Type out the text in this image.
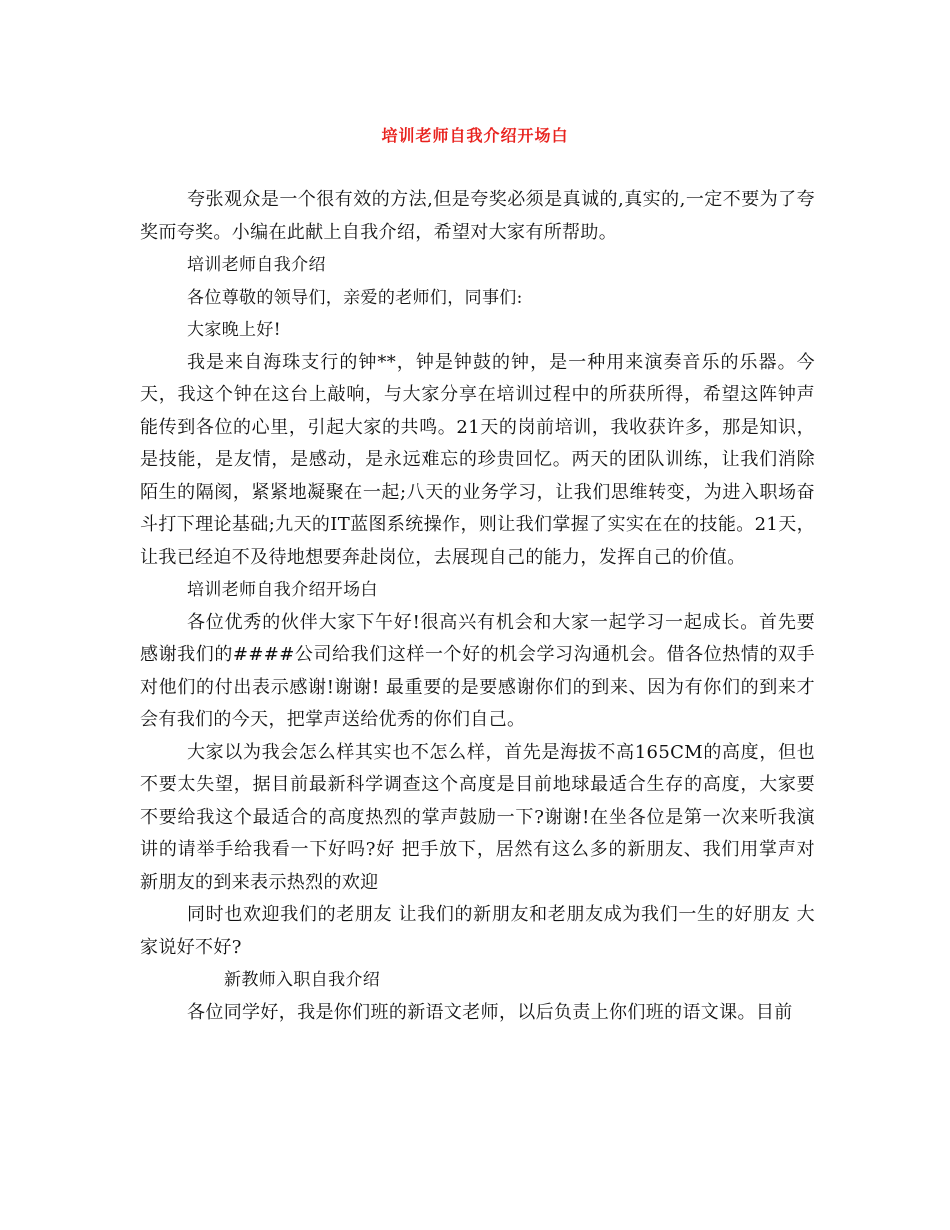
培训老师自我介绍开场白

夸张观众是一个很有效的方法,但是夸奖必须是真诚的,真实的,一定不要为了夸奖而夸奖。小编在此献上自我介绍，希望对大家有所帮助。

培训老师自我介绍

各位尊敬的领导们，亲爱的老师们，同事们:

大家晚上好!

我是来自海珠支行的钟**，钟是钟鼓的钟，是一种用来演奏音乐的乐器。今天，我这个钟在这台上敲响，与大家分享在培训过程中的所获所得，希望这阵钟声能传到各位的心里，引起大家的共鸣。21天的岗前培训，我收获许多，那是知识，是技能，是友情，是感动，是永远难忘的珍贵回忆。两天的团队训练，让我们消除陌生的隔阂，紧紧地凝聚在一起;八天的业务学习，让我们思维转变，为进入职场奋斗打下理论基础;九天的IT蓝图系统操作，则让我们掌握了实实在在的技能。21天，让我已经迫不及待地想要奔赴岗位，去展现自己的能力，发挥自己的价值。

培训老师自我介绍开场白

各位优秀的伙伴大家下午好!很高兴有机会和大家一起学习一起成长。首先要感谢我们的####公司给我们这样一个好的机会学习沟通机会。借各位热情的双手对他们的付出表示感谢!谢谢! 最重要的是要感谢你们的到来、因为有你们的到来才会有我们的今天，把掌声送给优秀的你们自己。

大家以为我会怎么样其实也不怎么样，首先是海拔不高165CM的高度，但也不要太失望，据目前最新科学调查这个高度是目前地球最适合生存的高度，大家要不要给我这个最适合的高度热烈的掌声鼓励一下?谢谢!在坐各位是第一次来听我演讲的请举手给我看一下好吗?好 把手放下，居然有这么多的新朋友、我们用掌声对新朋友的到来表示热烈的欢迎

同时也欢迎我们的老朋友 让我们的新朋友和老朋友成为我们一生的好朋友 大家说好不好?

新教师入职自我介绍

各位同学好，我是你们班的新语文老师，以后负责上你们班的语文课。目前
